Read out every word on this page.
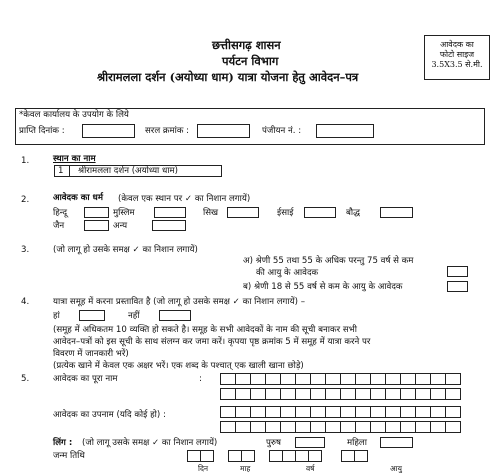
छत्तीसगढ़ शासन
पर्यटन विभाग
श्रीरामलला दर्शन (अयोध्या धाम) यात्रा योजना हेतु आवेदन–पत्र
आवेदक का
फोटो साइज
3.5X3.5 से.मी.
*केवल कार्यालय के उपयोग के लिये
प्राप्ति दिनांक :	सरल क्रमांक :	पंजीयन नं. :
1.	स्थान का नाम
1 श्रीरामलला दर्शन (अयोध्या धाम)
2.	आवेदक का धर्म (केवल एक स्थान पर ✓ का निशान लगायें)
हिन्दू	मुस्लिम	सिख	ईसाई	बौद्ध
जैन	अन्य
3.	(जो लागू हो उसके समक्ष ✓ का निशान लगायें)
अ) श्रेणी 55 तथा 55 के अधिक परन्तु 75 वर्ष से कम
की आयु के आवेदक
ब) श्रेणी 18 से 55 वर्ष से कम के आयु के आवेदक
4.	यात्रा समूह में करना प्रस्तावित है (जो लागू हो उसके समक्ष ✓ का निशान लगायें) –
हां	नहीं
(समूह में अधिकतम 10 व्यक्ति हो सकते है। समूह के सभी आवेदकों के नाम की सूची बनाकर सभी
आवेदन–पत्रों को इस सूची के साथ संलग्न कर जमा करें। कृपया पृष्ठ क्रमांक 5 में समूह में यात्रा करने पर
विवरण में जानकारी भरें)
(प्रत्येक खाने में केवल एक अक्षर भरें। एक शब्द के पश्चात् एक खाली खाना छोड़े)
5.	आवेदक का पूरा नाम	:
आवेदक का उपनाम (यदि कोई हो) :
लिंग : (जो लागू उसके समक्ष ✓ का निशान लगायें)	पुरुष	महिला
जन्म तिथि
दिन	माह	वर्ष	आयु
